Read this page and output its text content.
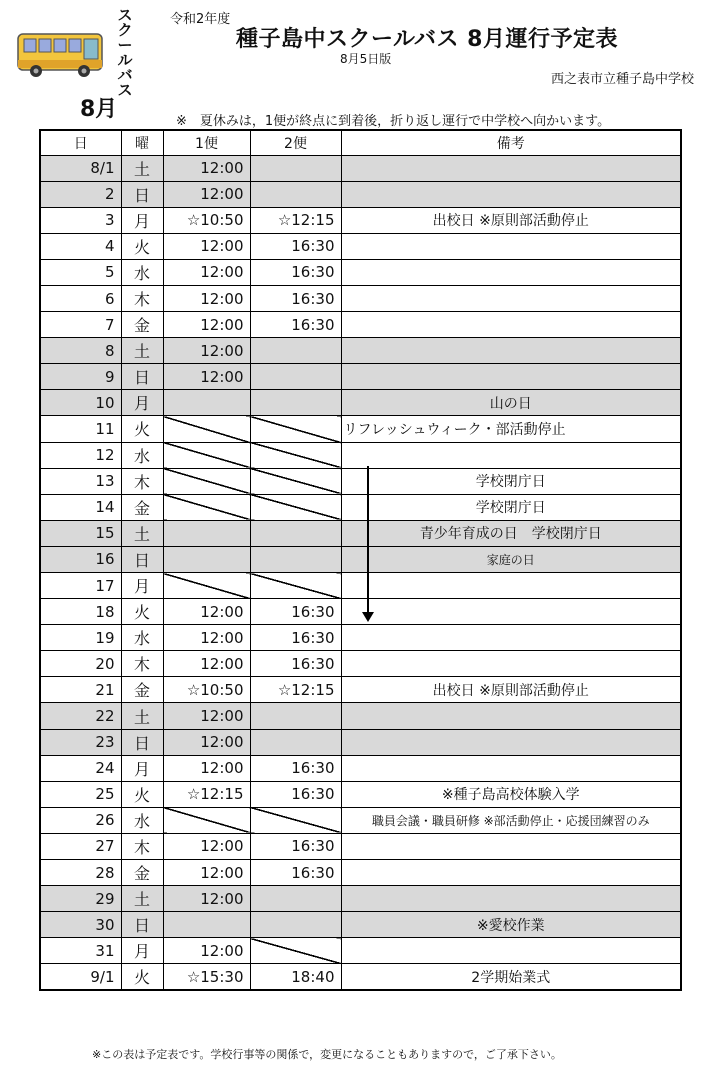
ス
ク
ー
ル
バ
ス
令和2年度
種子島中スクールバス 8月運行予定表
8月5日版
西之表市立種子島中学校
8月	※　夏休みは，1便が終点に到着後，折り返し運行で中学校へ向かいます。
日	曜	1便	2便	備考
8/1	土	12:00		
2	日	12:00		
3	月	☆10:50	☆12:15	出校日 ※原則部活動停止
4	火	12:00	16:30	
5	水	12:00	16:30	
6	木	12:00	16:30	
7	金	12:00	16:30	
8	土	12:00		
9	日	12:00		
10	月			山の日
11	火			リフレッシュウィーク・部活動停止
12	水			
13	木			学校閉庁日
14	金			学校閉庁日
15	土			青少年育成の日　学校閉庁日
16	日			家庭の日
17	月			
18	火	12:00	16:30	
19	水	12:00	16:30	
20	木	12:00	16:30	
21	金	☆10:50	☆12:15	出校日 ※原則部活動停止
22	土	12:00		
23	日	12:00		
24	月	12:00	16:30	
25	火	☆12:15	16:30	※種子島高校体験入学
26	水			職員会議・職員研修 ※部活動停止・応援団練習のみ
27	木	12:00	16:30	
28	金	12:00	16:30	
29	土	12:00		
30	日			※愛校作業
31	月	12:00		
9/1	火	☆15:30	18:40	2学期始業式
※この表は予定表です。学校行事等の関係で，変更になることもありますので，ご了承下さい。
